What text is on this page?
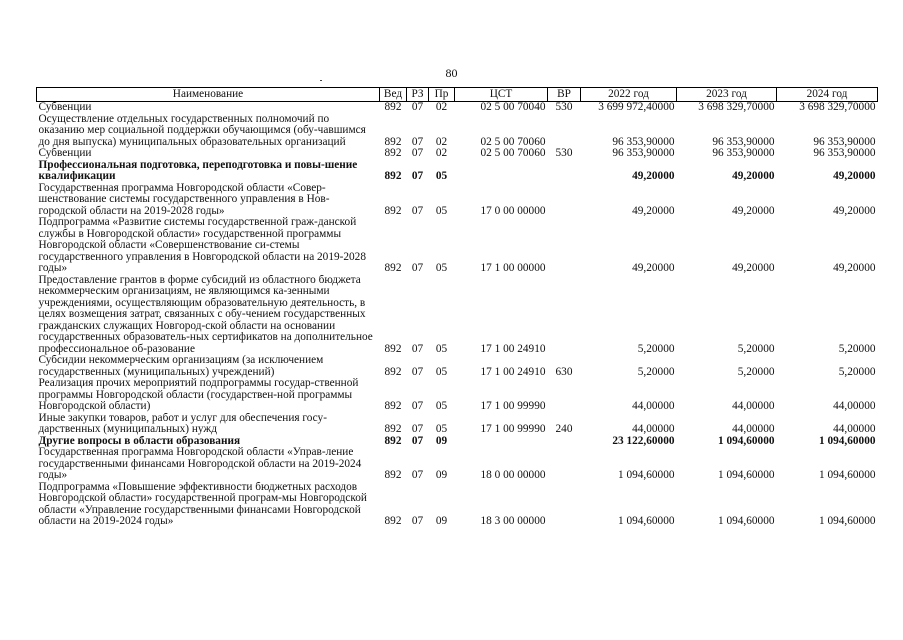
80
Наименование	Вед	РЗ	Пр	ЦСТ	ВР	2022 год	2023 год	2024 год
Субвенции	892	07	02	02 5 00 70040	530	3 699 972,40000	3 698 329,70000	3 698 329,70000
Осуществление отдельных государственных полномочий по оказанию мер социальной поддержки обучающимся (обу-чавшимся до дня выпуска) муниципальных образовательных организаций	892	07	02	02 5 00 70060		96 353,90000	96 353,90000	96 353,90000
Субвенции	892	07	02	02 5 00 70060	530	96 353,90000	96 353,90000	96 353,90000
Профессиональная подготовка, переподготовка и повы-шение квалификации	892	07	05			49,20000	49,20000	49,20000
Государственная программа Новгородской области «Совер-шенствование системы государственного управления в Нов-городской области на 2019-2028 годы»	892	07	05	17 0 00 00000		49,20000	49,20000	49,20000
Подпрограмма «Развитие системы государственной граж-данской службы в Новгородской области» государственной программы Новгородской области «Совершенствование си-стемы государственного управления в Новгородской области на 2019-2028 годы»	892	07	05	17 1 00 00000		49,20000	49,20000	49,20000
Предоставление грантов в форме субсидий из областного бюджета некоммерческим организациям, не являющимся ка-зенными учреждениями, осуществляющим образовательную деятельность, в целях возмещения затрат, связанных с обу-чением государственных гражданских служащих Новгород-ской области на основании государственных образователь-ных сертификатов на дополнительное профессиональное об-разование	892	07	05	17 1 00 24910		5,20000	5,20000	5,20000
Субсидии некоммерческим организациям (за исключением государственных (муниципальных) учреждений)	892	07	05	17 1 00 24910	630	5,20000	5,20000	5,20000
Реализация прочих мероприятий подпрограммы государ-ственной программы Новгородской области (государствен-ной программы Новгородской области)	892	07	05	17 1 00 99990		44,00000	44,00000	44,00000
Иные закупки товаров, работ и услуг для обеспечения госу-дарственных (муниципальных) нужд	892	07	05	17 1 00 99990	240	44,00000	44,00000	44,00000
Другие вопросы в области образования	892	07	09			23 122,60000	1 094,60000	1 094,60000
Государственная программа Новгородской области «Управ-ление государственными финансами Новгородской области на 2019-2024 годы»	892	07	09	18 0 00 00000		1 094,60000	1 094,60000	1 094,60000
Подпрограмма «Повышение эффективности бюджетных расходов Новгородской области» государственной програм-мы Новгородской области «Управление государственными финансами Новгородской области на 2019-2024 годы»	892	07	09	18 3 00 00000		1 094,60000	1 094,60000	1 094,60000
